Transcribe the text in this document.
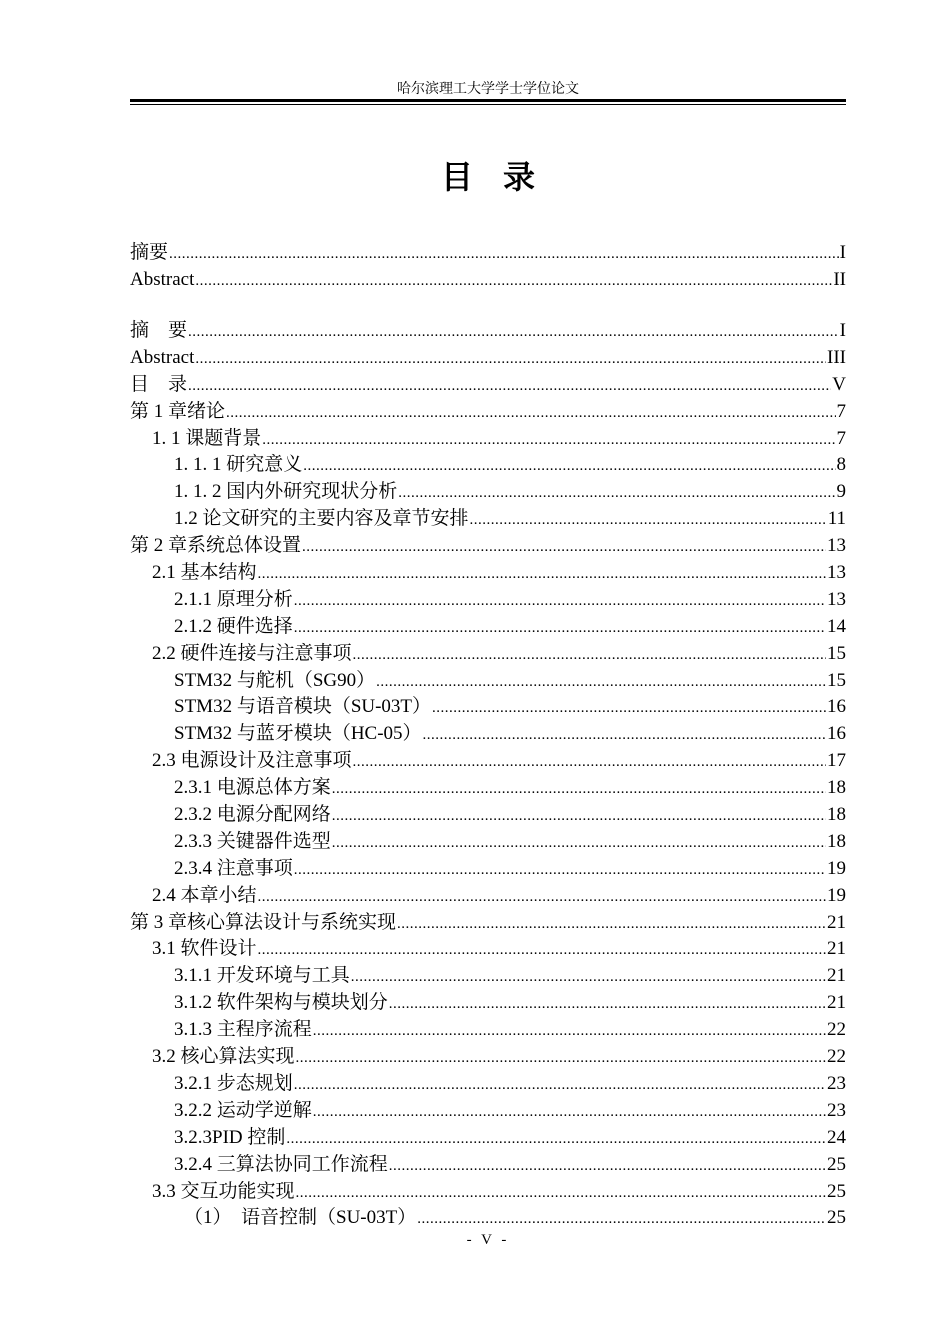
哈尔滨理工大学学士学位论文
目录
摘要 .....	I
Abstract .....	II
摘　要 .....	I
Abstract .....	III
目　录 .....	V
第 1 章绪论 .....	7
1. 1 课题背景 .....	7
1. 1. 1 研究意义 .....	8
1. 1. 2 国内外研究现状分析 .....	9
1.2 论文研究的主要内容及章节安排 .....	11
第 2 章系统总体设置 .....	13
2.1 基本结构 .....	13
2.1.1 原理分析 .....	13
2.1.2 硬件选择 .....	14
2.2 硬件连接与注意事项 .....	15
STM32 与舵机（SG90） .....	15
STM32 与语音模块（SU-03T） .....	16
STM32 与蓝牙模块（HC-05） .....	16
2.3 电源设计及注意事项 .....	17
2.3.1 电源总体方案 .....	18
2.3.2 电源分配网络 .....	18
2.3.3 关键器件选型 .....	18
2.3.4 注意事项 .....	19
2.4 本章小结 .....	19
第 3 章核心算法设计与系统实现 .....	21
3.1 软件设计 .....	21
3.1.1 开发环境与工具 .....	21
3.1.2 软件架构与模块划分 .....	21
3.1.3 主程序流程 .....	22
3.2 核心算法实现 .....	22
3.2.1 步态规划 .....	23
3.2.2 运动学逆解 .....	23
3.2.3PID 控制 .....	24
3.2.4 三算法协同工作流程 .....	25
3.3 交互功能实现 .....	25
（1）　语音控制（SU-03T） .....	25
- V -
